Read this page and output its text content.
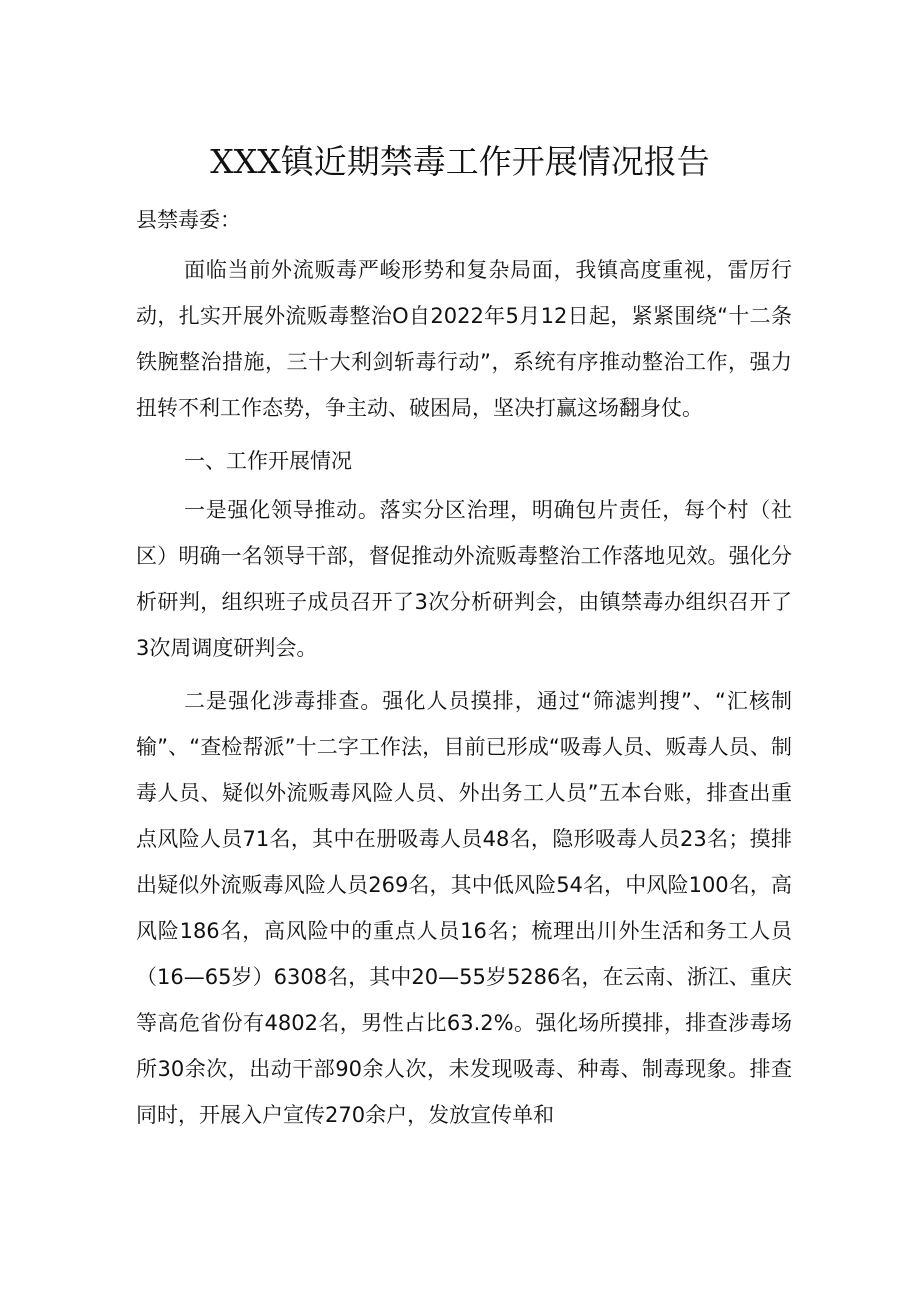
XXX镇近期禁毒工作开展情况报告
县禁毒委：
面临当前外流贩毒严峻形势和复杂局面，我镇高度重视，雷厉行动，扎实开展外流贩毒整治O自2022年5月12日起，紧紧围绕“十二条铁腕整治措施，三十大利剑斩毒行动”，系统有序推动整治工作，强力扭转不利工作态势，争主动、破困局，坚决打赢这场翻身仗。
一、工作开展情况
一是强化领导推动。落实分区治理，明确包片责任，每个村（社区）明确一名领导干部，督促推动外流贩毒整治工作落地见效。强化分析研判，组织班子成员召开了3次分析研判会，由镇禁毒办组织召开了3次周调度研判会。
二是强化涉毒排查。强化人员摸排，通过“筛滤判搜”、“汇核制输”、“查检帮派”十二字工作法，目前已形成“吸毒人员、贩毒人员、制毒人员、疑似外流贩毒风险人员、外出务工人员”五本台账，排查出重点风险人员71名，其中在册吸毒人员48名，隐形吸毒人员23名；摸排出疑似外流贩毒风险人员269名，其中低风险54名，中风险100名，高风险186名，高风险中的重点人员16名；梳理出川外生活和务工人员（16—65岁）6308名，其中20—55岁5286名，在云南、浙江、重庆等高危省份有4802名，男性占比63.2%。强化场所摸排，排查涉毒场所30余次，出动干部90余人次，未发现吸毒、种毒、制毒现象。排查同时，开展入户宣传270余户，发放宣传单和
